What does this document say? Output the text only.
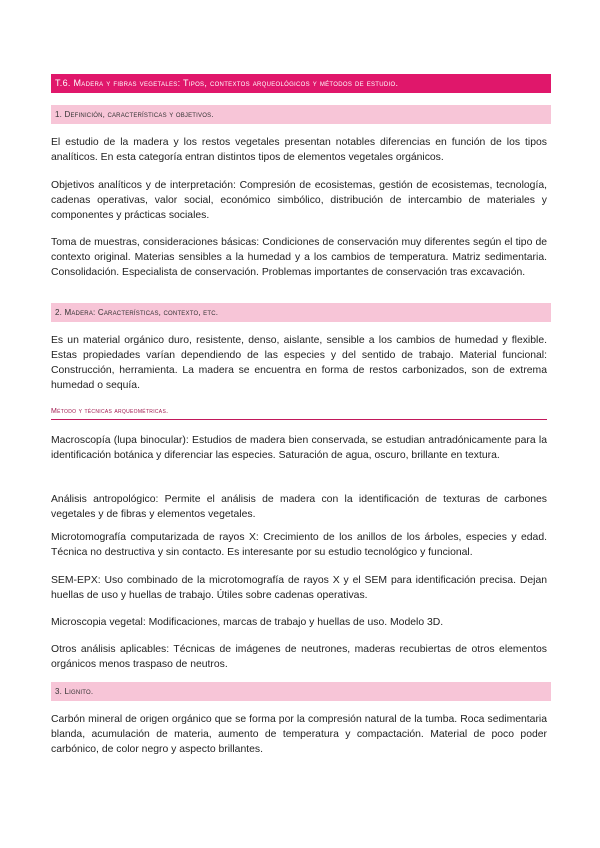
T.6. Madera y fibras vegetales: Tipos, contextos arqueológicos y métodos de estudio.
1. Definición, características y objetivos.

El estudio de la madera y los restos vegetales presentan notables diferencias en función de los tipos analíticos. En esta categoría entran distintos tipos de elementos vegetales orgánicos.

Objetivos analíticos y de interpretación: Compresión de ecosistemas, gestión de ecosistemas, tecnología, cadenas operativas, valor social, económico simbólico, distribución de intercambio de materiales y componentes y prácticas sociales.

Toma de muestras, consideraciones básicas: Condiciones de conservación muy diferentes según el tipo de contexto original. Materias sensibles a la humedad y a los cambios de temperatura. Matriz sedimentaria. Consolidación. Especialista de conservación. Problemas importantes de conservación tras excavación.

2. Madera: Características, contexto, etc.

Es un material orgánico duro, resistente, denso, aislante, sensible a los cambios de humedad y flexible. Estas propiedades varían dependiendo de las especies y del sentido de trabajo. Material funcional: Construcción, herramienta. La madera se encuentra en forma de restos carbonizados, son de extrema humedad o sequía.

Método y técnicas arqueométricas.

Macroscopía (lupa binocular): Estudios de madera bien conservada, se estudian antradónicamente para la identificación botánica y diferenciar las especies. Saturación de agua, oscuro, brillante en textura.

Análisis antropológico: Permite el análisis de madera con la identificación de texturas de carbones vegetales y de fibras y elementos vegetales.

Microtomografía computarizada de rayos X: Crecimiento de los anillos de los árboles, especies y edad. Técnica no destructiva y sin contacto. Es interesante por su estudio tecnológico y funcional.

SEM-EPX: Uso combinado de la microtomografía de rayos X y el SEM para identificación precisa. Dejan huellas de uso y huellas de trabajo. Útiles sobre cadenas operativas.

Microscopia vegetal: Modificaciones, marcas de trabajo y huellas de uso. Modelo 3D.

Otros análisis aplicables: Técnicas de imágenes de neutrones, maderas recubiertas de otros elementos orgánicos menos traspaso de neutros.

3. Lignito.

Carbón mineral de origen orgánico que se forma por la compresión natural de la tumba. Roca sedimentaria blanda, acumulación de materia, aumento de temperatura y compactación. Material de poco poder carbónico, de color negro y aspecto brillantes.
